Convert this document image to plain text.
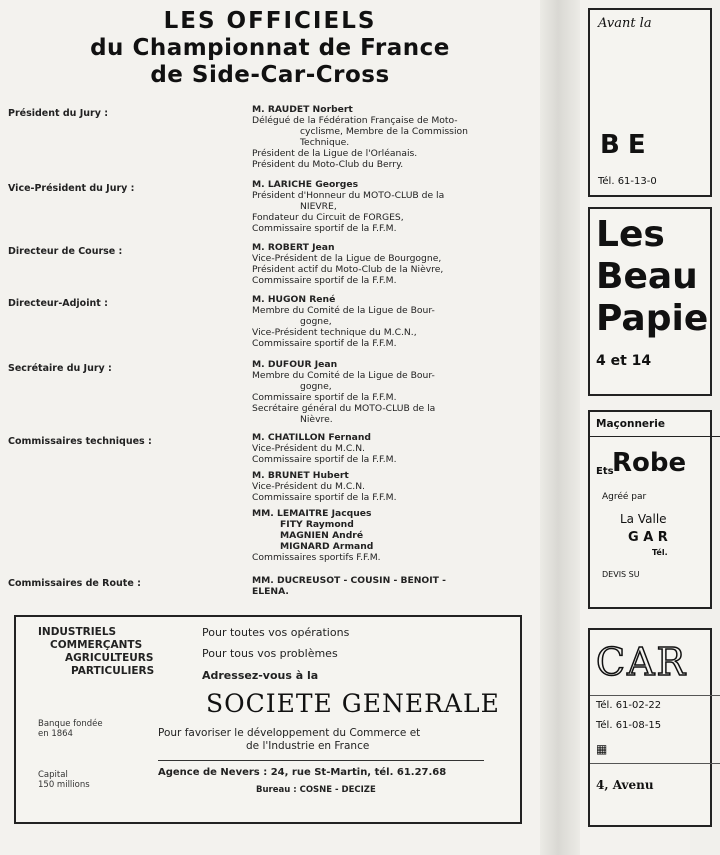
LES OFFICIELS
du Championnat de France
de Side-Car-Cross
Président du Jury :	M. RAUDET Norbert
Délégué de la Fédération Française de Moto-
cyclisme, Membre de la Commission
Technique.
Président de la Ligue de l'Orléanais.
Président du Moto-Club du Berry.
Vice-Président du Jury :	M. LARICHE Georges
Président d'Honneur du MOTO-CLUB de la
NIEVRE,
Fondateur du Circuit de FORGES,
Commissaire sportif de la F.F.M.
Directeur de Course :	M. ROBERT Jean
Vice-Président de la Ligue de Bourgogne,
Président actif du Moto-Club de la Nièvre,
Commissaire sportif de la F.F.M.
Directeur-Adjoint :	M. HUGON René
Membre du Comité de la Ligue de Bour-
gogne,
Vice-Président technique du M.C.N.,
Commissaire sportif de la F.F.M.
Secrétaire du Jury :	M. DUFOUR Jean
Membre du Comité de la Ligue de Bour-
gogne,
Commissaire sportif de la F.F.M.
Secrétaire général du MOTO-CLUB de la
Nièvre.
Commissaires techniques :	M. CHATILLON Fernand
Vice-Président du M.C.N.
Commissaire sportif de la F.F.M.
M. BRUNET Hubert
Vice-Président du M.C.N.
Commissaire sportif de la F.F.M.
MM. LEMAITRE Jacques
FITY Raymond
MAGNIEN André
MIGNARD Armand
Commissaires sportifs F.F.M.
Commissaires de Route :	MM. DUCREUSOT - COUSIN - BENOIT -
ELENA.
INDUSTRIELS
COMMERÇANTS
AGRICULTEURS
PARTICULIERS
Pour toutes vos opérations
Pour tous vos problèmes
Adressez-vous à la
SOCIETE GENERALE
Banque fondée
en 1864	Pour favoriser le développement du Commerce et
de l'Industrie en France
Capital
150 millions
Agence de Nevers : 24, rue St-Martin, tél. 61.27.68
Bureau : COSNE - DECIZE
Avant la
BE
Tél. 61-13-0
Les
Beau
Papie
4 et 14
Maçonnerie
Ets
Robe
Agréé par
La Valle
G A R
Tél.
DEVIS SU
CAR
Tél. 61-02-22
Tél. 61-08-15
▦
4, Avenu
